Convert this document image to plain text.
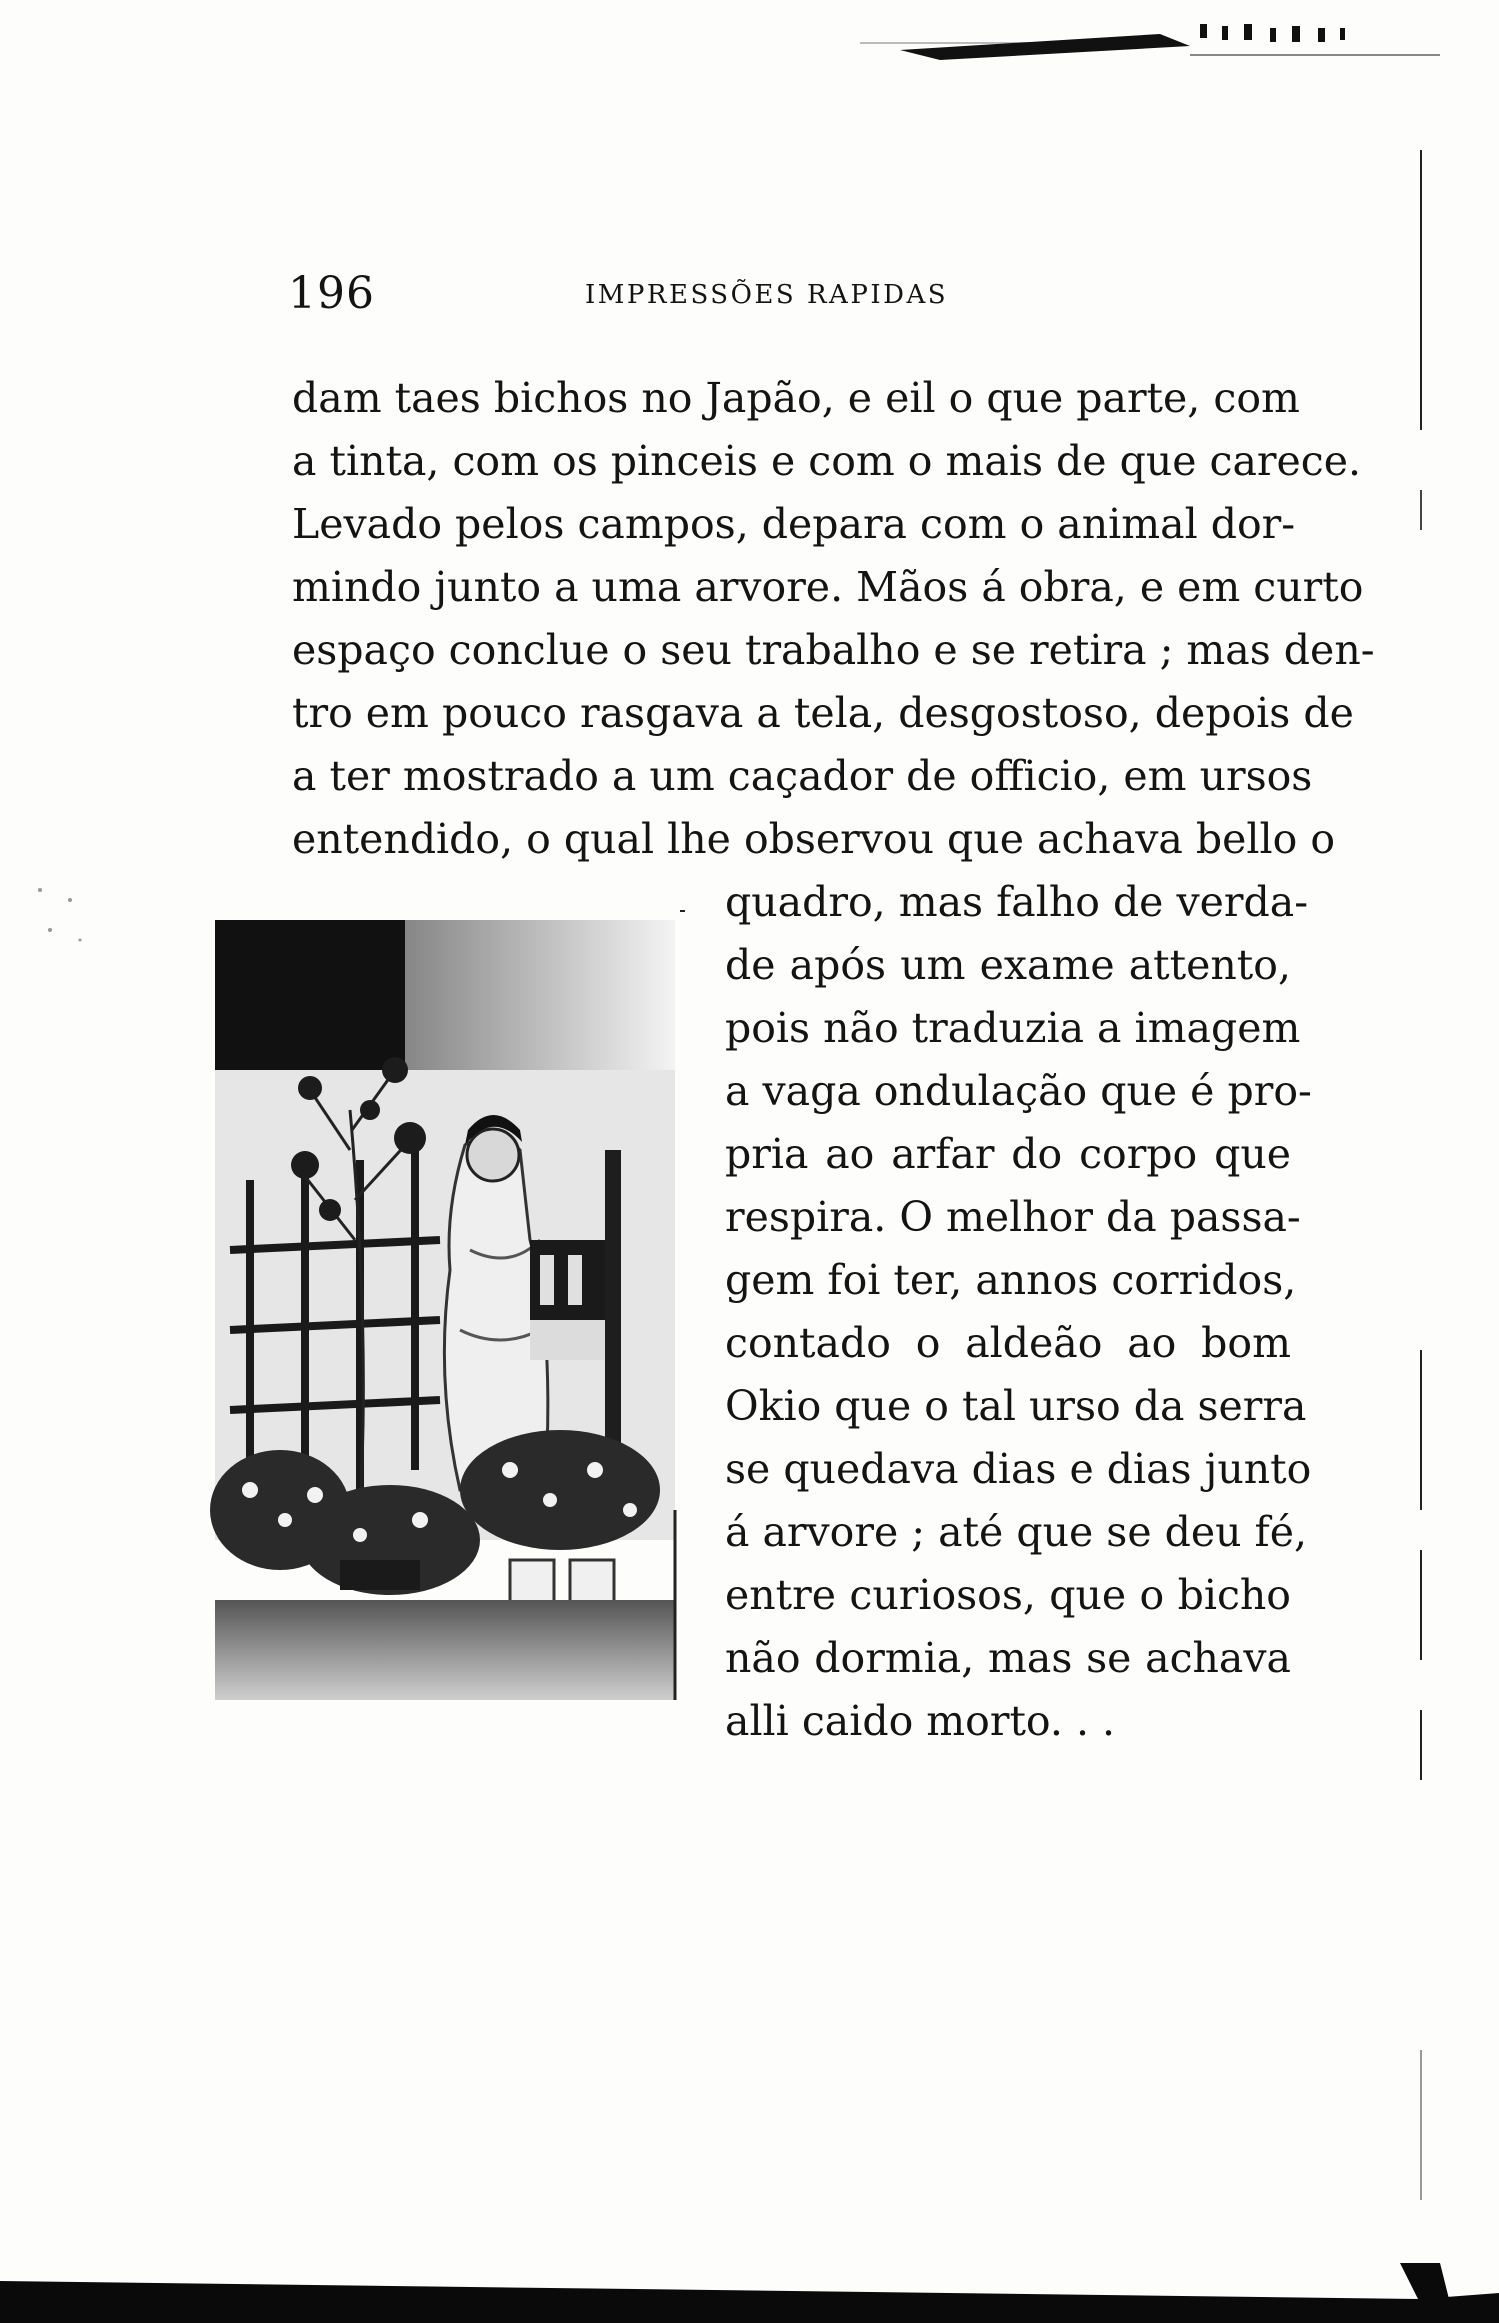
196	IMPRESSÕES RAPIDAS
dam taes bichos no Japão, e eil o que parte, com
a tinta, com os pinceis e com o mais de que carece.
Levado pelos campos, depara com o animal dor-
mindo junto a uma arvore. Mãos á obra, e em curto
espaço conclue o seu trabalho e se retira ; mas den-
tro em pouco rasgava a tela, desgostoso, depois de
a ter mostrado a um caçador de officio, em ursos
entendido, o qual lhe observou que achava bello o
quadro, mas falho de verda-
de após um exame attento,
pois não traduzia a imagem
a vaga ondulação que é pro-
pria ao arfar do corpo que
respira. O melhor da passa-
gem foi ter, annos corridos,
contado o aldeão ao bom
Okio que o tal urso da serra
se quedava dias e dias junto
á arvore ; até que se deu fé,
entre curiosos, que o bicho
não dormia, mas se achava
alli caido morto. . .
